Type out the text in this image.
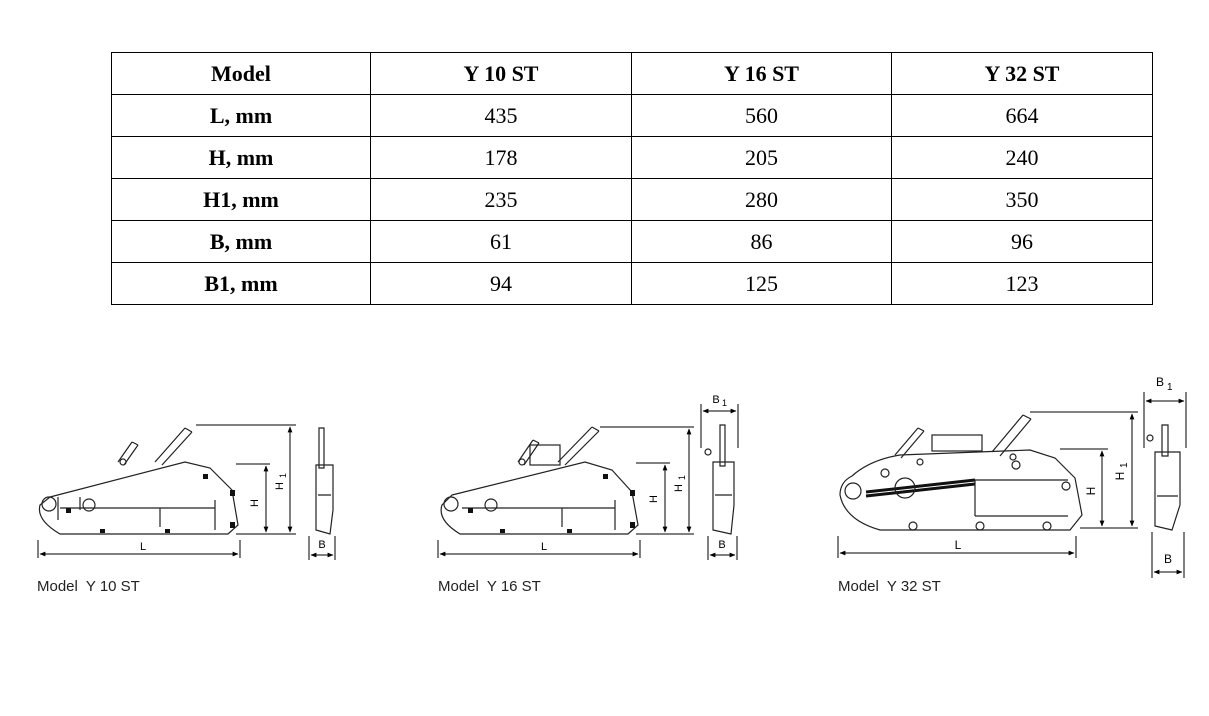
Model	Y 10 ST	Y 16 ST	Y 32 ST
L, mm	435	560	664
H, mm	178	205	240
H1, mm	235	280	350
B, mm	61	86	96
B1, mm	94	125	123
L
H
H
1
B	L
H
H
1
B 1
B	L
H
H
1
B 1
B
Model  Y 10 ST	Model  Y 16 ST	Model  Y 32 ST
